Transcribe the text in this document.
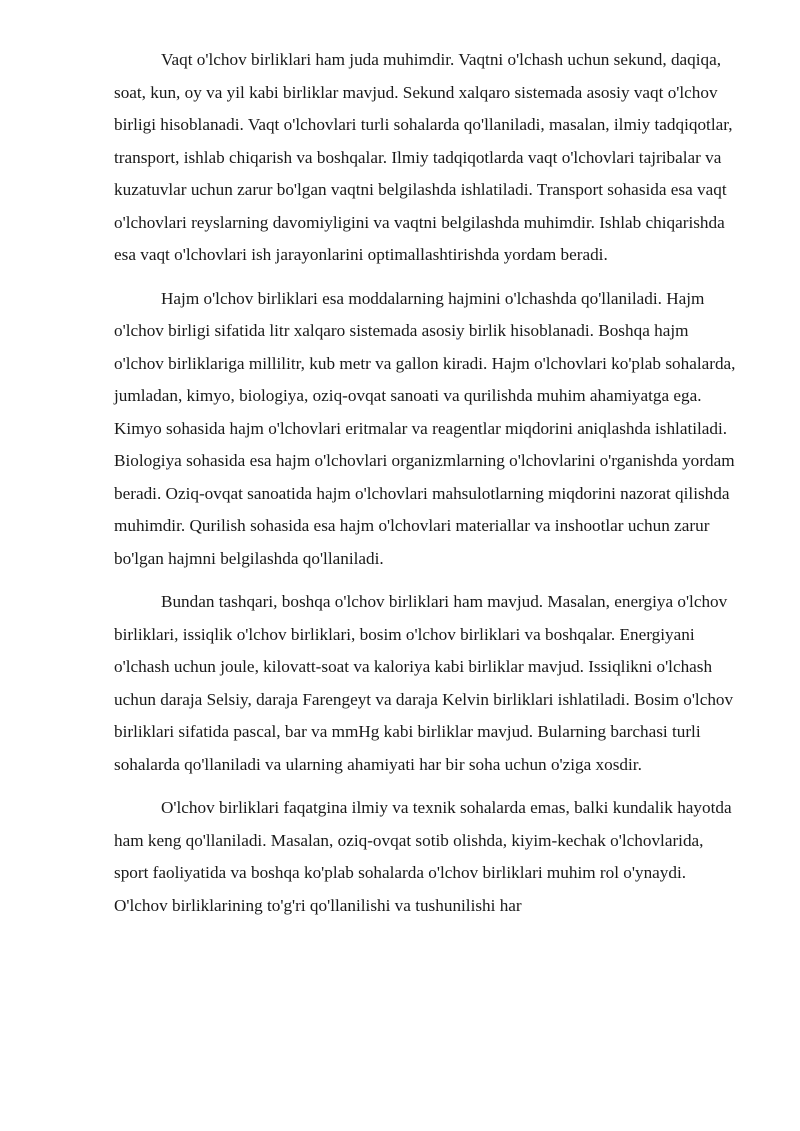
Vaqt o'lchov birliklari ham juda muhimdir. Vaqtni o'lchash uchun sekund, daqiqa, soat, kun, oy va yil kabi birliklar mavjud. Sekund xalqaro sistemada asosiy vaqt o'lchov birligi hisoblanadi. Vaqt o'lchovlari turli sohalarda qo'llaniladi, masalan, ilmiy tadqiqotlar, transport, ishlab chiqarish va boshqalar. Ilmiy tadqiqotlarda vaqt o'lchovlari tajribalar va kuzatuvlar uchun zarur bo'lgan vaqtni belgilashda ishlatiladi. Transport sohasida esa vaqt o'lchovlari reyslarning davomiyligini va vaqtni belgilashda muhimdir. Ishlab chiqarishda esa vaqt o'lchovlari ish jarayonlarini optimallashtirishda yordam beradi.

Hajm o'lchov birliklari esa moddalarning hajmini o'lchashda qo'llaniladi. Hajm o'lchov birligi sifatida litr xalqaro sistemada asosiy birlik hisoblanadi. Boshqa hajm o'lchov birliklariga millilitr, kub metr va gallon kiradi. Hajm o'lchovlari ko'plab sohalarda, jumladan, kimyo, biologiya, oziq-ovqat sanoati va qurilishda muhim ahamiyatga ega. Kimyo sohasida hajm o'lchovlari eritmalar va reagentlar miqdorini aniqlashda ishlatiladi. Biologiya sohasida esa hajm o'lchovlari organizmlarning o'lchovlarini o'rganishda yordam beradi. Oziq-ovqat sanoatida hajm o'lchovlari mahsulotlarning miqdorini nazorat qilishda muhimdir. Qurilish sohasida esa hajm o'lchovlari materiallar va inshootlar uchun zarur bo'lgan hajmni belgilashda qo'llaniladi.

Bundan tashqari, boshqa o'lchov birliklari ham mavjud. Masalan, energiya o'lchov birliklari, issiqlik o'lchov birliklari, bosim o'lchov birliklari va boshqalar. Energiyani o'lchash uchun joule, kilovatt-soat va kaloriya kabi birliklar mavjud. Issiqlikni o'lchash uchun daraja Selsiy, daraja Farengeyt va daraja Kelvin birliklari ishlatiladi. Bosim o'lchov birliklari sifatida pascal, bar va mmHg kabi birliklar mavjud. Bularning barchasi turli sohalarda qo'llaniladi va ularning ahamiyati har bir soha uchun o'ziga xosdir.

O'lchov birliklari faqatgina ilmiy va texnik sohalarda emas, balki kundalik hayotda ham keng qo'llaniladi. Masalan, oziq-ovqat sotib olishda, kiyim-kechak o'lchovlarida, sport faoliyatida va boshqa ko'plab sohalarda o'lchov birliklari muhim rol o'ynaydi. O'lchov birliklarining to'g'ri qo'llanilishi va tushunilishi har
